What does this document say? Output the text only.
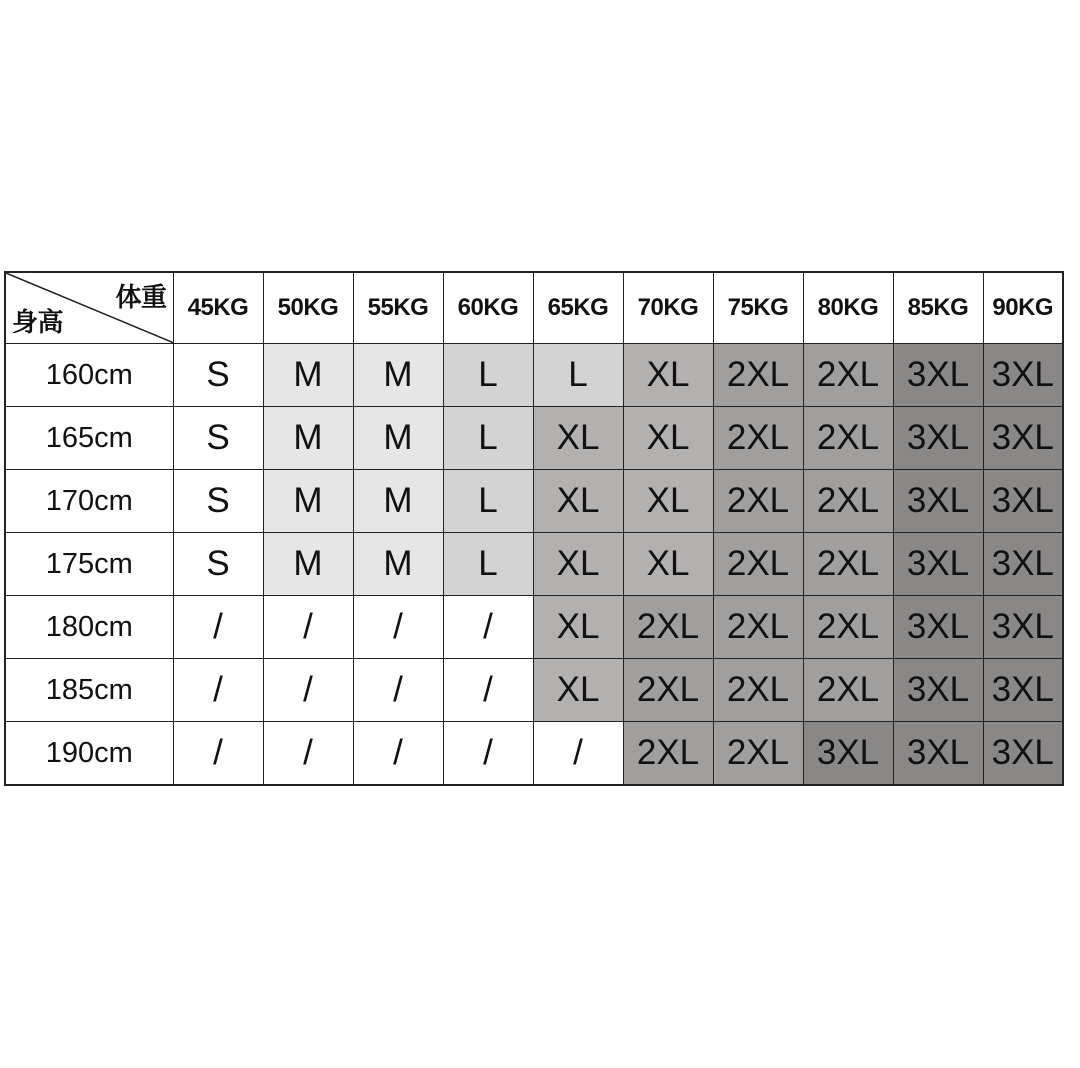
体重
身高	45KG	50KG	55KG	60KG	65KG	70KG	75KG	80KG	85KG	90KG
160cm	S	M	M	L	L	XL	2XL	2XL	3XL	3XL
165cm	S	M	M	L	XL	XL	2XL	2XL	3XL	3XL
170cm	S	M	M	L	XL	XL	2XL	2XL	3XL	3XL
175cm	S	M	M	L	XL	XL	2XL	2XL	3XL	3XL
180cm	/	/	/	/	XL	2XL	2XL	2XL	3XL	3XL
185cm	/	/	/	/	XL	2XL	2XL	2XL	3XL	3XL
190cm	/	/	/	/	/	2XL	2XL	3XL	3XL	3XL
